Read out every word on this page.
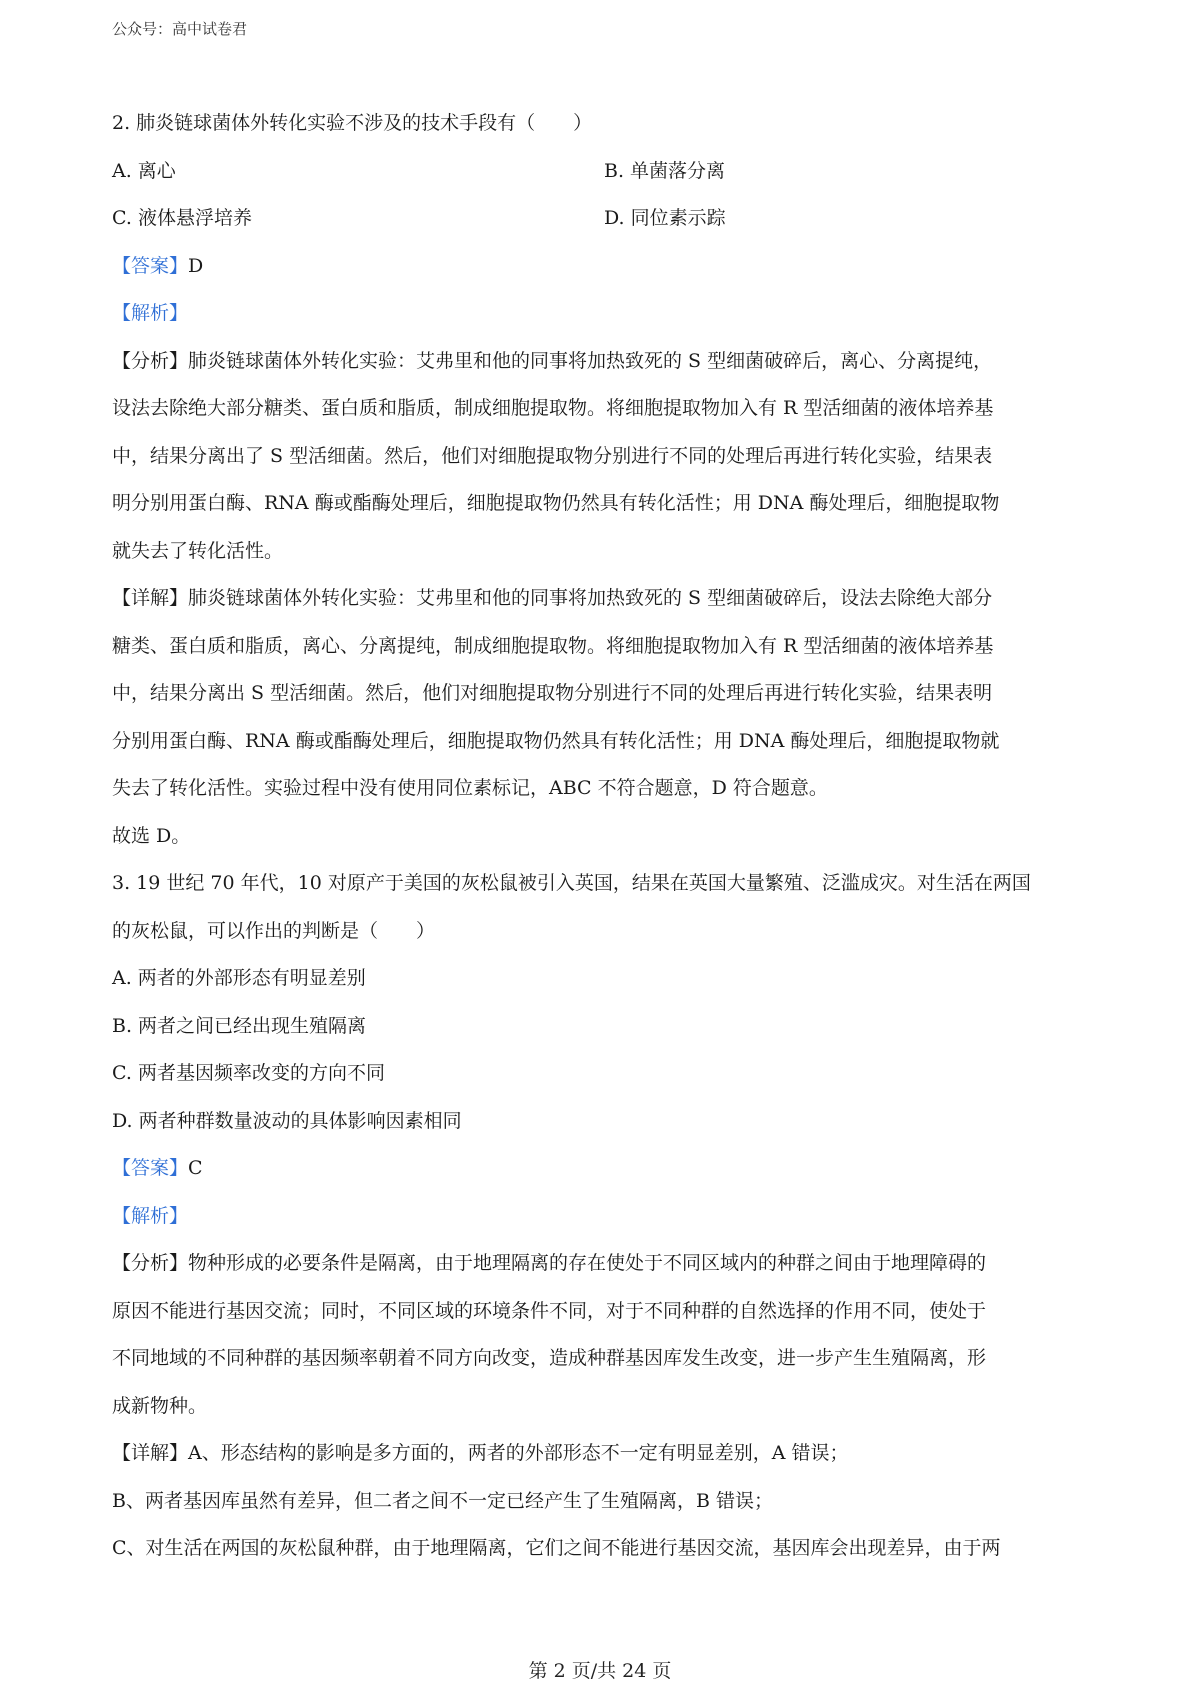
公众号：高中试卷君
2. 肺炎链球菌体外转化实验不涉及的技术手段有（　　）
A. 离心	B. 单菌落分离
C. 液体悬浮培养	D. 同位素示踪
【答案】D
【解析】
【分析】肺炎链球菌体外转化实验：艾弗里和他的同事将加热致死的 S 型细菌破碎后，离心、分离提纯，
设法去除绝大部分糖类、蛋白质和脂质，制成细胞提取物。将细胞提取物加入有 R 型活细菌的液体培养基
中，结果分离出了 S 型活细菌。然后，他们对细胞提取物分别进行不同的处理后再进行转化实验，结果表
明分别用蛋白酶、RNA 酶或酯酶处理后，细胞提取物仍然具有转化活性；用 DNA 酶处理后，细胞提取物
就失去了转化活性。
【详解】肺炎链球菌体外转化实验：艾弗里和他的同事将加热致死的 S 型细菌破碎后，设法去除绝大部分
糖类、蛋白质和脂质，离心、分离提纯，制成细胞提取物。将细胞提取物加入有 R 型活细菌的液体培养基
中，结果分离出 S 型活细菌。然后，他们对细胞提取物分别进行不同的处理后再进行转化实验，结果表明
分别用蛋白酶、RNA 酶或酯酶处理后，细胞提取物仍然具有转化活性；用 DNA 酶处理后，细胞提取物就
失去了转化活性。实验过程中没有使用同位素标记，ABC 不符合题意，D 符合题意。
故选 D。
3. 19 世纪 70 年代，10 对原产于美国的灰松鼠被引入英国，结果在英国大量繁殖、泛滥成灾。对生活在两国
的灰松鼠，可以作出的判断是（　　）
A. 两者的外部形态有明显差别
B. 两者之间已经出现生殖隔离
C. 两者基因频率改变的方向不同
D. 两者种群数量波动的具体影响因素相同
【答案】C
【解析】
【分析】物种形成的必要条件是隔离，由于地理隔离的存在使处于不同区域内的种群之间由于地理障碍的
原因不能进行基因交流；同时，不同区域的环境条件不同，对于不同种群的自然选择的作用不同，使处于
不同地域的不同种群的基因频率朝着不同方向改变，造成种群基因库发生改变，进一步产生生殖隔离，形
成新物种。
【详解】A、形态结构的影响是多方面的，两者的外部形态不一定有明显差别，A 错误；
B、两者基因库虽然有差异，但二者之间不一定已经产生了生殖隔离，B 错误；
C、对生活在两国的灰松鼠种群，由于地理隔离，它们之间不能进行基因交流，基因库会出现差异，由于两
第 2 页/共 24 页
